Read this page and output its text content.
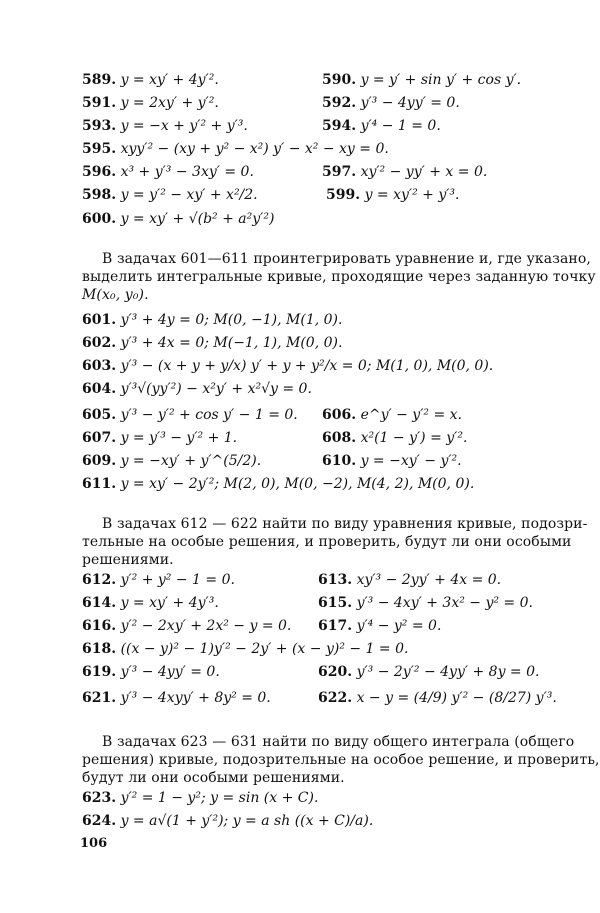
589. y = xy′ + 4y′².	590. y = y′ + sin y′ + cos y′.
591. y = 2xy′ + y′².	592. y′³ − 4yy′ = 0.
593. y = −x + y′² + y′³.	594. y′⁴ − 1 = 0.
595. xyy′² − (xy + y² − x²) y′ − x² − xy = 0.
596. x³ + y′³ − 3xy′ = 0.	597. xy′² − yy′ + x = 0.
598. y = y′² − xy′ + x²/2.	599. y = xy′² + y′³.
600. y = xy′ + √(b² + a²y′²)
В задачах 601—611 проинтегрировать уравнение и, где указано,
выделить интегральные кривые, проходящие через заданную точку
M(x₀, y₀).
601. y′³ + 4y = 0; M(0, −1), M(1, 0).
602. y′³ + 4x = 0; M(−1, 1), M(0, 0).
603. y′³ − (x + y + y/x) y′ + y + y²/x = 0; M(1, 0), M(0, 0).
604. y′³√(yy′²) − x²y′ + x²√y = 0.
605. y′³ − y′² + cos y′ − 1 = 0. 606. e^y′ − y′² = x.
607. y = y′³ − y′² + 1.	608. x²(1 − y′) = y′².
609. y = −xy′ + y′^(5/2).	610. y = −xy′ − y′².
611. y = xy′ − 2y′²; M(2, 0), M(0, −2), M(4, 2), M(0, 0).
В задачах 612 — 622 найти по виду уравнения кривые, подозри-
тельные на особые решения, и проверить, будут ли они особыми
решениями.
612. y′² + y² − 1 = 0.	613. xy′³ − 2yy′ + 4x = 0.
614. y = xy′ + 4y′³.	615. y′³ − 4xy′ + 3x² − y² = 0.
616. y′² − 2xy′ + 2x² − y = 0. 617. y′⁴ − y² = 0.
618. ((x − y)² − 1)y′² − 2y′ + (x − y)² − 1 = 0.
619. y′³ − 4yy′ = 0.	620. y′³ − 2y′² − 4yy′ + 8y = 0.
621. y′³ − 4xyy′ + 8y² = 0.	622. x − y = (4/9) y′² − (8/27) y′³.
В задачах 623 — 631 найти по виду общего интеграла (общего
решения) кривые, подозрительные на особое решение, и проверить,
будут ли они особыми решениями.
623. y′² = 1 − y²; y = sin (x + C).
624. y = a√(1 + y′²); y = a sh ((x + C)/a).
106
